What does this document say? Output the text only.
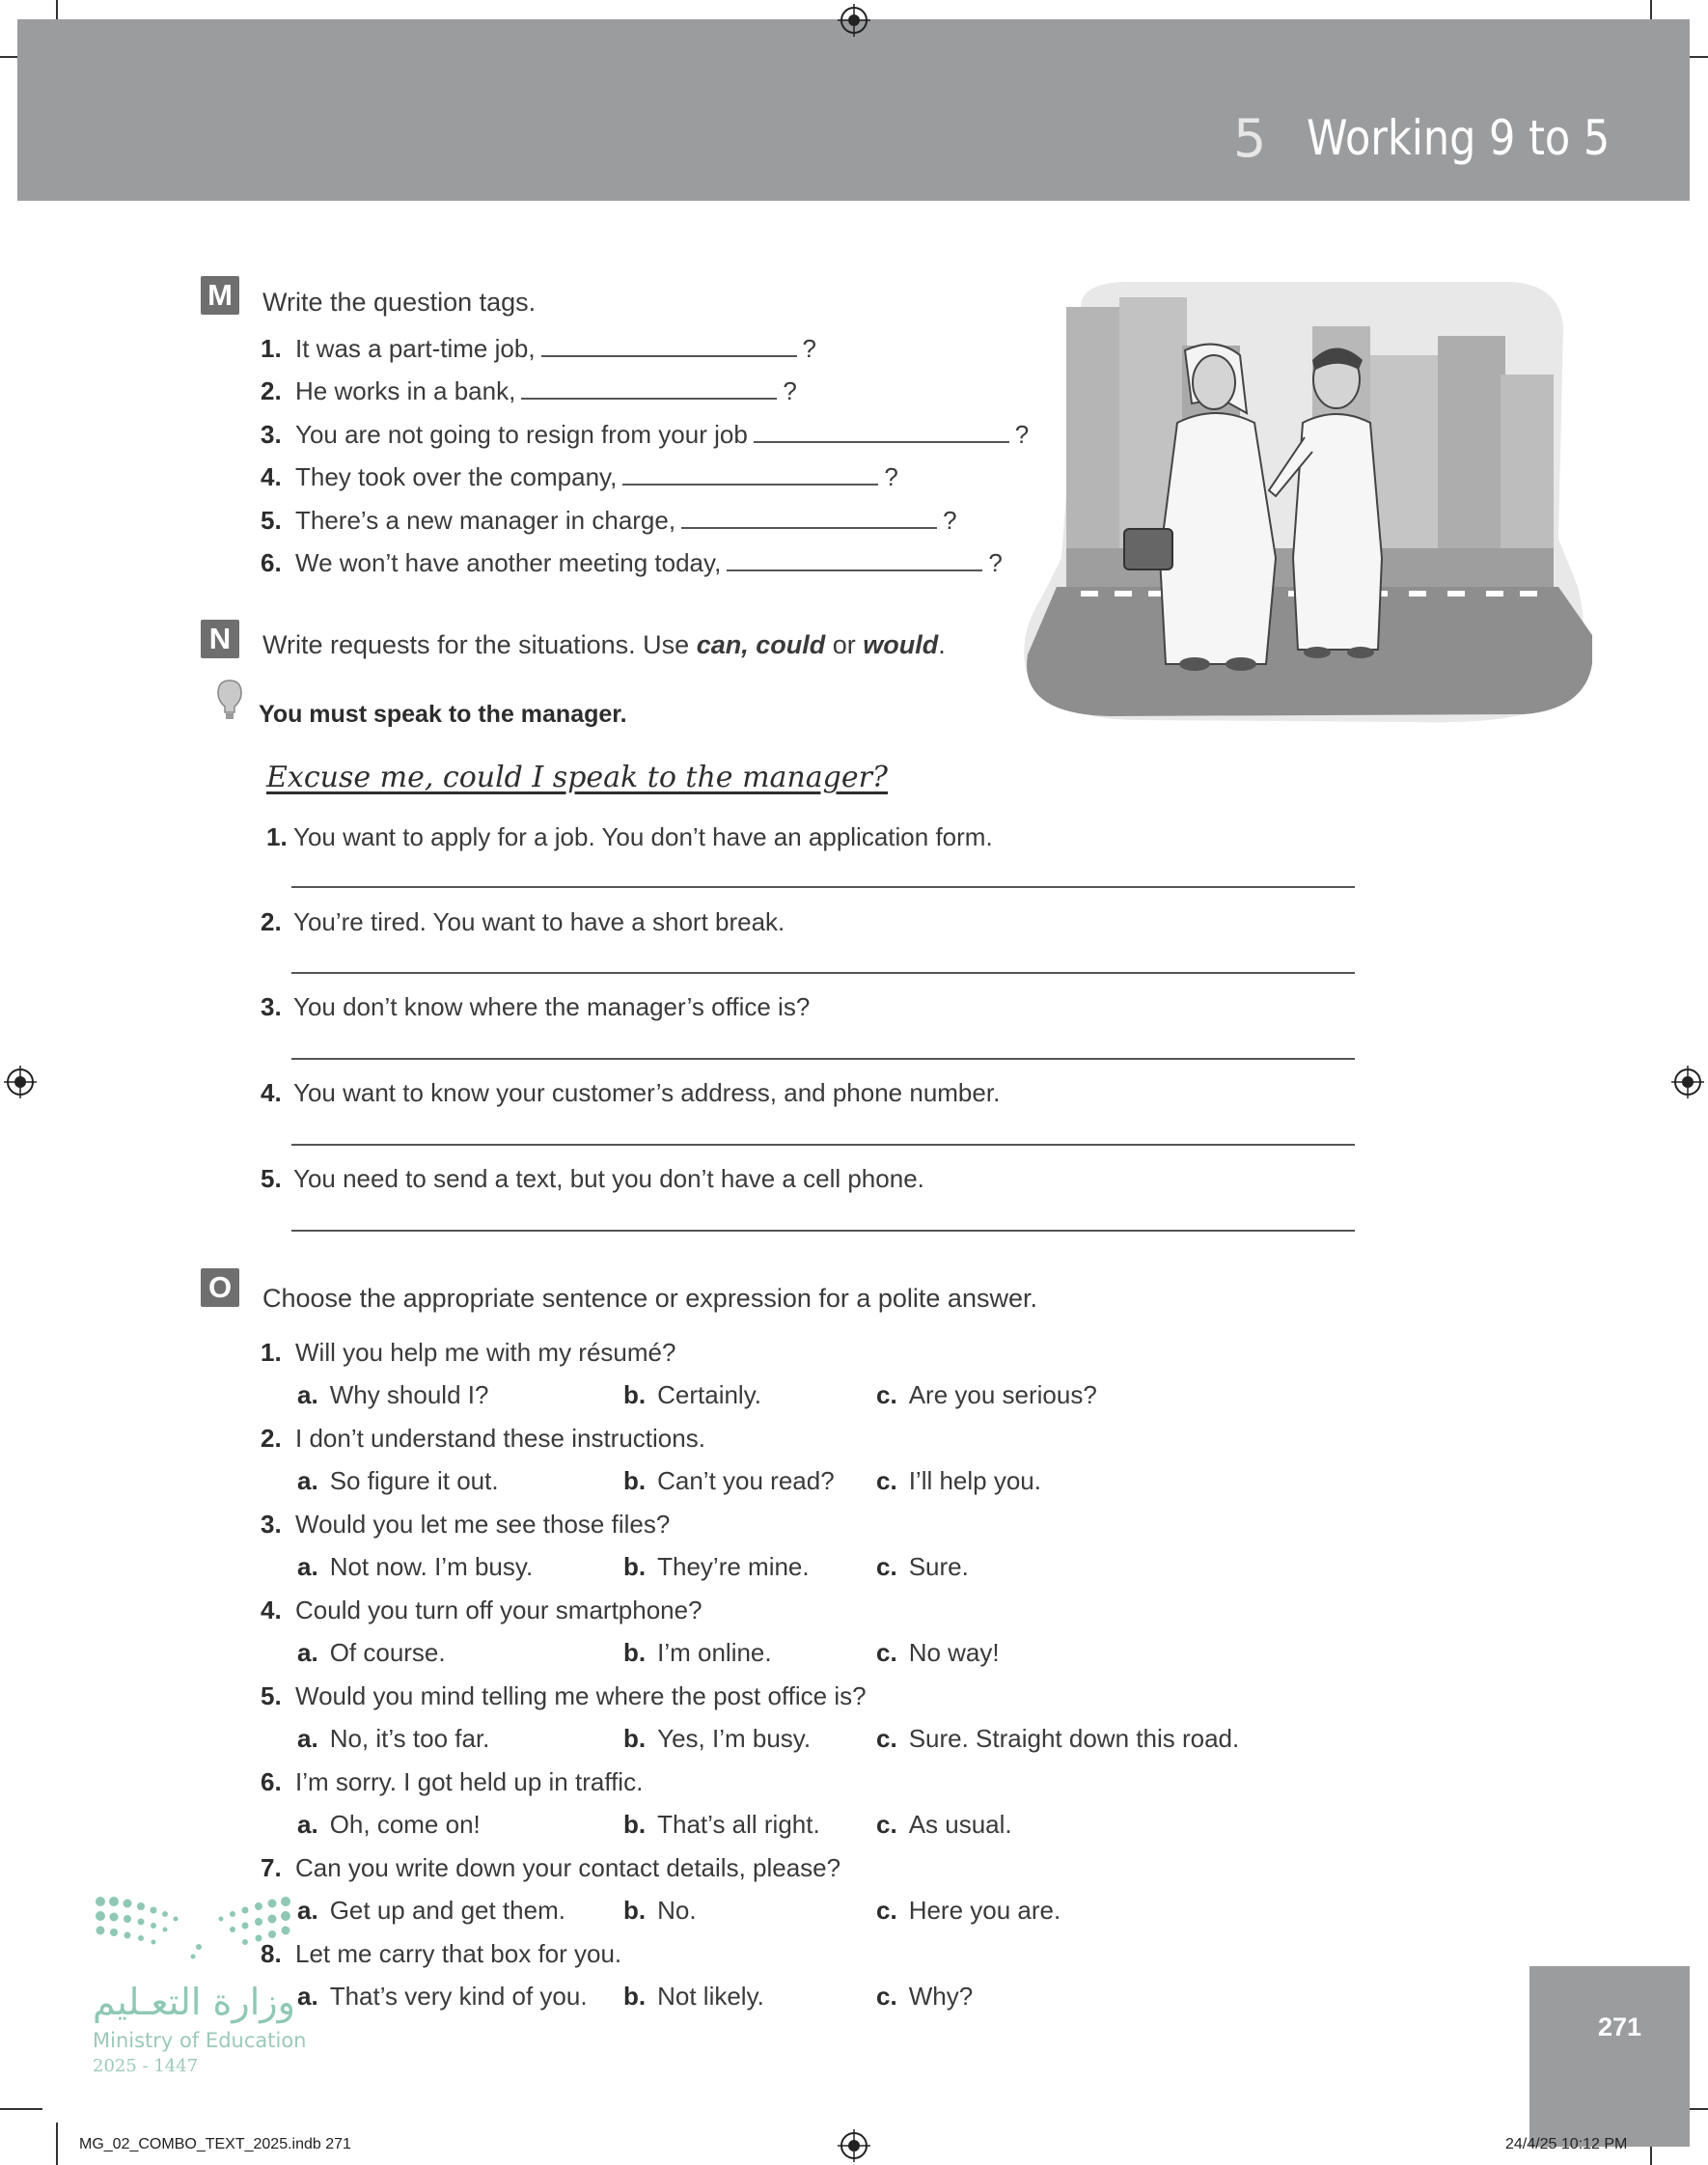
5 Working 9 to 5
M Write the question tags.
1. It was a part-time job,	?
2. He works in a bank,	?
3. You are not going to resign from your job	?
4. They took over the company,	?
5. There’s a new manager in charge,	?
6. We won’t have another meeting today,	?
N	Write requests for the situations. Use can, could or would.
You must speak to the manager.
Excuse me, could I speak to the manager?
1. You want to apply for a job. You don’t have an application form.
2. You’re tired. You want to have a short break.
3. You don’t know where the manager’s office is?
4. You want to know your customer’s address, and phone number.
5. You need to send a text, but you don’t have a cell phone.
O Choose the appropriate sentence or expression for a polite answer.
1. Will you help me with my résumé?
a. Why should I?	b. Certainly.	c. Are you serious?
2. I don’t understand these instructions.
a. So figure it out.	b. Can’t you read? c. I’ll help you.
3. Would you let me see those files?
a. Not now. I’m busy.	b. They’re mine.	c. Sure.
4. Could you turn off your smartphone?
a. Of course.	b. I’m online.	c. No way!
5. Would you mind telling me where the post office is?
a. No, it’s too far.	b. Yes, I’m busy.	c. Sure. Straight down this road.
6. I’m sorry. I got held up in traffic.
a. Oh, come on!	b. That’s all right. c. As usual.
7. Can you write down your contact details, please?
a. Get up and get them. b. No.	c. Here you are.
8. Let me carry that box for you.
a. That’s very kind of you. b. Not likely.	c. Why?
وزارة التعـليم
Ministry of Education
2025 - 1447
271
MG_02_COMBO_TEXT_2025.indb 271	24/4/25 10:12 PM
